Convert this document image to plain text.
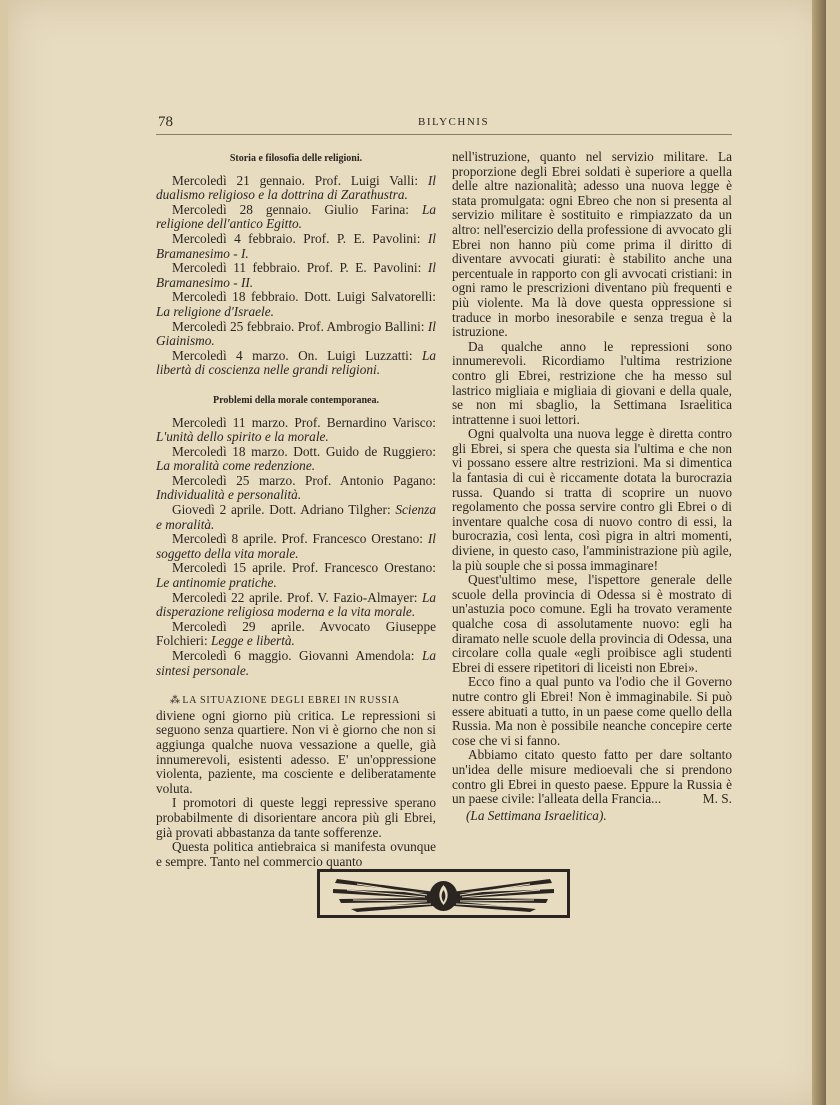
78	BILYCHNIS
Storia e filosofia delle religioni.

Mercoledì 21 gennaio. Prof. Luigi Valli: Il dualismo religioso e la dottrina di Zarathustra.

Mercoledì 28 gennaio. Giulio Farina: La religione dell'antico Egitto.

Mercoledì 4 febbraio. Prof. P. E. Pavolini: Il Bramanesimo - I.

Mercoledì 11 febbraio. Prof. P. E. Pavolini: Il Bramanesimo - II.

Mercoledì 18 febbraio. Dott. Luigi Salvatorelli: La religione d'Israele.

Mercoledì 25 febbraio. Prof. Ambrogio Ballini: Il Giainismo.

Mercoledì 4 marzo. On. Luigi Luzzatti: La libertà di coscienza nelle grandi religioni.

Problemi della morale contemporanea.

Mercoledì 11 marzo. Prof. Bernardino Varisco: L'unità dello spirito e la morale.

Mercoledì 18 marzo. Dott. Guido de Ruggiero: La moralità come redenzione.

Mercoledì 25 marzo. Prof. Antonio Pagano: Individualità e personalità.

Giovedì 2 aprile. Dott. Adriano Tilgher: Scienza e moralità.

Mercoledì 8 aprile. Prof. Francesco Orestano: Il soggetto della vita morale.

Mercoledì 15 aprile. Prof. Francesco Orestano: Le antinomie pratiche.

Mercoledì 22 aprile. Prof. V. Fazio-Almayer: La disperazione religiosa moderna e la vita morale.

Mercoledì 29 aprile. Avvocato Giuseppe Folchieri: Legge e libertà.

Mercoledì 6 maggio. Giovanni Amendola: La sintesi personale.

⁂ LA SITUAZIONE DEGLI EBREI IN RUSSIA

diviene ogni giorno più critica. Le repressioni si seguono senza quartiere. Non vi è giorno che non si aggiunga qualche nuova vessazione a quelle, già innumerevoli, esistenti adesso. E' un'oppressione violenta, paziente, ma cosciente e deliberatamente voluta.

I promotori di queste leggi repressive sperano probabilmente di disorientare ancora più gli Ebrei, già provati abbastanza da tante sofferenze.

Questa politica antiebraica si manifesta ovunque e sempre. Tanto nel commercio quanto

nell'istruzione, quanto nel servizio militare. La proporzione degli Ebrei soldati è superiore a quella delle altre nazionalità; adesso una nuova legge è stata promulgata: ogni Ebreo che non si presenta al servizio militare è sostituito e rimpiazzato da un altro: nell'esercizio della professione di avvocato gli Ebrei non hanno più come prima il diritto di diventare avvocati giurati: è stabilito anche una percentuale in rapporto con gli avvocati cristiani: in ogni ramo le prescrizioni diventano più frequenti e più violente. Ma là dove questa oppressione si traduce in morbo inesorabile e senza tregua è la istruzione.

Da qualche anno le repressioni sono innumerevoli. Ricordiamo l'ultima restrizione contro gli Ebrei, restrizione che ha messo sul lastrico migliaia e migliaia di giovani e della quale, se non mi sbaglio, la Settimana Israelitica intrattenne i suoi lettori.

Ogni qualvolta una nuova legge è diretta contro gli Ebrei, si spera che questa sia l'ultima e che non vi possano essere altre restrizioni. Ma si dimentica la fantasia di cui è riccamente dotata la burocrazia russa. Quando si tratta di scoprire un nuovo regolamento che possa servire contro gli Ebrei o di inventare qualche cosa di nuovo contro di essi, la burocrazia, così lenta, così pigra in altri momenti, diviene, in questo caso, l'amministrazione più agile, la più souple che si possa immaginare!

Quest'ultimo mese, l'ispettore generale delle scuole della provincia di Odessa si è mostrato di un'astuzia poco comune. Egli ha trovato veramente qualche cosa di assolutamente nuovo: egli ha diramato nelle scuole della provincia di Odessa, una circolare colla quale «egli proibisce agli studenti Ebrei di essere ripetitori di liceisti non Ebrei».

Ecco fino a qual punto va l'odio che il Governo nutre contro gli Ebrei! Non è immaginabile. Si può essere abituati a tutto, in un paese come quello della Russia. Ma non è possibile neanche concepire certe cose che vi si fanno.

Abbiamo citato questo fatto per dare soltanto un'idea delle misure medioevali che si prendono contro gli Ebrei in questo paese. Eppure la Russia è un paese civile: l'alleata della Francia...	M. S.

(La Settimana Israelitica).
